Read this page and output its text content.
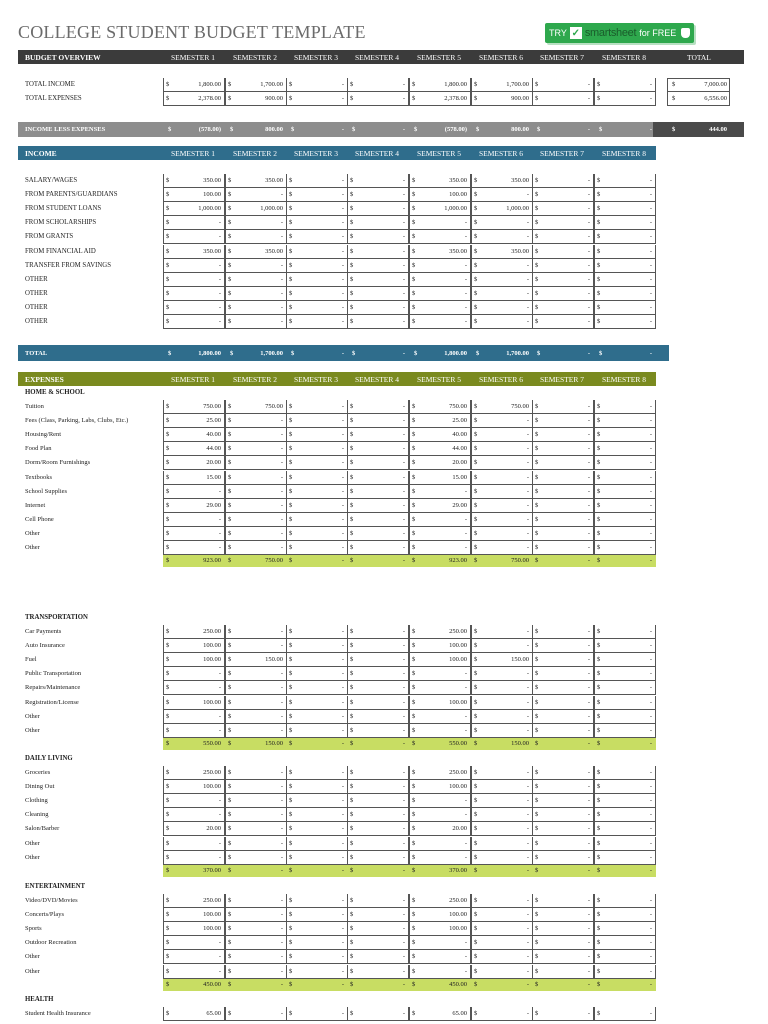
COLLEGE STUDENT BUDGET TEMPLATE	TRY ✓ smartsheet for FREE
BUDGET OVERVIEW	SEMESTER 1 SEMESTER 2 SEMESTER 3 SEMESTER 4 SEMESTER 5 SEMESTER 6 SEMESTER 7 SEMESTER 8	TOTAL
TOTAL INCOME	$	1,800.00 $	1,700.00 $	- $	- $	1,800.00 $	1,700.00 $	- $	-	$	7,000.00
TOTAL EXPENSES	$	2,378.00 $	900.00 $	- $	- $	2,378.00 $	900.00 $	- $	-	$	6,556.00
INCOME LESS EXPENSES	$	(578.00) $	800.00 $	- $	- $	(578.00) $	800.00 $	- $	-	$	444.00
INCOME	SEMESTER 1 SEMESTER 2 SEMESTER 3 SEMESTER 4 SEMESTER 5 SEMESTER 6 SEMESTER 7 SEMESTER 8
SALARY/WAGES	$	350.00 $	350.00 $	- $	- $	350.00 $	350.00 $	- $	-
FROM PARENTS/GUARDIANS	$	100.00 $	- $	- $	- $	100.00 $	- $	- $	-
FROM STUDENT LOANS	$	1,000.00 $	1,000.00 $	- $	- $	1,000.00 $	1,000.00 $	- $	-
FROM SCHOLARSHIPS	$	- $	- $	- $	- $	- $	- $	- $	-
FROM GRANTS	$	- $	- $	- $	- $	- $	- $	- $	-
FROM FINANCIAL AID	$	350.00 $	350.00 $	- $	- $	350.00 $	350.00 $	- $	-
TRANSFER FROM SAVINGS	$	- $	- $	- $	- $	- $	- $	- $	-
OTHER	$	- $	- $	- $	- $	- $	- $	- $	-
OTHER	$	- $	- $	- $	- $	- $	- $	- $	-
OTHER	$	- $	- $	- $	- $	- $	- $	- $	-
OTHER	$	- $	- $	- $	- $	- $	- $	- $	-
TOTAL	$	1,800.00 $	1,700.00 $	- $	- $	1,800.00 $	1,700.00 $	- $	-
EXPENSES	SEMESTER 1 SEMESTER 2 SEMESTER 3 SEMESTER 4 SEMESTER 5 SEMESTER 6 SEMESTER 7 SEMESTER 8
HOME & SCHOOL
Tuition	$	750.00 $	750.00 $	- $	- $	750.00 $	750.00 $	- $	-
Fees (Class, Parking, Labs, Clubs, Etc.)	$	25.00 $	- $	- $	- $	25.00 $	- $	- $	-
Housing/Rent	$	40.00 $	- $	- $	- $	40.00 $	- $	- $	-
Food Plan	$	44.00 $	- $	- $	- $	44.00 $	- $	- $	-
Dorm/Room Furnishings	$	20.00 $	- $	- $	- $	20.00 $	- $	- $	-
Textbooks	$	15.00 $	- $	- $	- $	15.00 $	- $	- $	-
School Supplies	$	- $	- $	- $	- $	- $	- $	- $	-
Internet	$	29.00 $	- $	- $	- $	29.00 $	- $	- $	-
Cell Phone	$	- $	- $	- $	- $	- $	- $	- $	-
Other	$	- $	- $	- $	- $	- $	- $	- $	-
Other	$	- $	- $	- $	- $	- $	- $	- $	-
$	923.00 $	750.00 $	- $	- $	923.00 $	750.00 $	- $	-
TRANSPORTATION
Car Payments	$	250.00 $	- $	- $	- $	250.00 $	- $	- $	-
Auto Insurance	$	100.00 $	- $	- $	- $	100.00 $	- $	- $	-
Fuel	$	100.00 $	150.00 $	- $	- $	100.00 $	150.00 $	- $	-
Public Transportation	$	- $	- $	- $	- $	- $	- $	- $	-
Repairs/Maintenance	$	- $	- $	- $	- $	- $	- $	- $	-
Registration/License	$	100.00 $	- $	- $	- $	100.00 $	- $	- $	-
Other	$	- $	- $	- $	- $	- $	- $	- $	-
Other	$	- $	- $	- $	- $	- $	- $	- $	-
$	550.00 $	150.00 $	- $	- $	550.00 $	150.00 $	- $	-
DAILY LIVING
Groceries	$	250.00 $	- $	- $	- $	250.00 $	- $	- $	-
Dining Out	$	100.00 $	- $	- $	- $	100.00 $	- $	- $	-
Clothing	$	- $	- $	- $	- $	- $	- $	- $	-
Cleaning	$	- $	- $	- $	- $	- $	- $	- $	-
Salon/Barber	$	20.00 $	- $	- $	- $	20.00 $	- $	- $	-
Other	$	- $	- $	- $	- $	- $	- $	- $	-
Other	$	- $	- $	- $	- $	- $	- $	- $	-
$	370.00 $	- $	- $	- $	370.00 $	- $	- $	-
ENTERTAINMENT
Video/DVD/Movies	$	250.00 $	- $	- $	- $	250.00 $	- $	- $	-
Concerts/Plays	$	100.00 $	- $	- $	- $	100.00 $	- $	- $	-
Sports	$	100.00 $	- $	- $	- $	100.00 $	- $	- $	-
Outdoor Recreation	$	- $	- $	- $	- $	- $	- $	- $	-
Other	$	- $	- $	- $	- $	- $	- $	- $	-
Other	$	- $	- $	- $	- $	- $	- $	- $	-
$	450.00 $	- $	- $	- $	450.00 $	- $	- $	-
HEALTH
Student Health Insurance	$	65.00 $	- $	- $	- $	65.00 $	- $	- $	-
